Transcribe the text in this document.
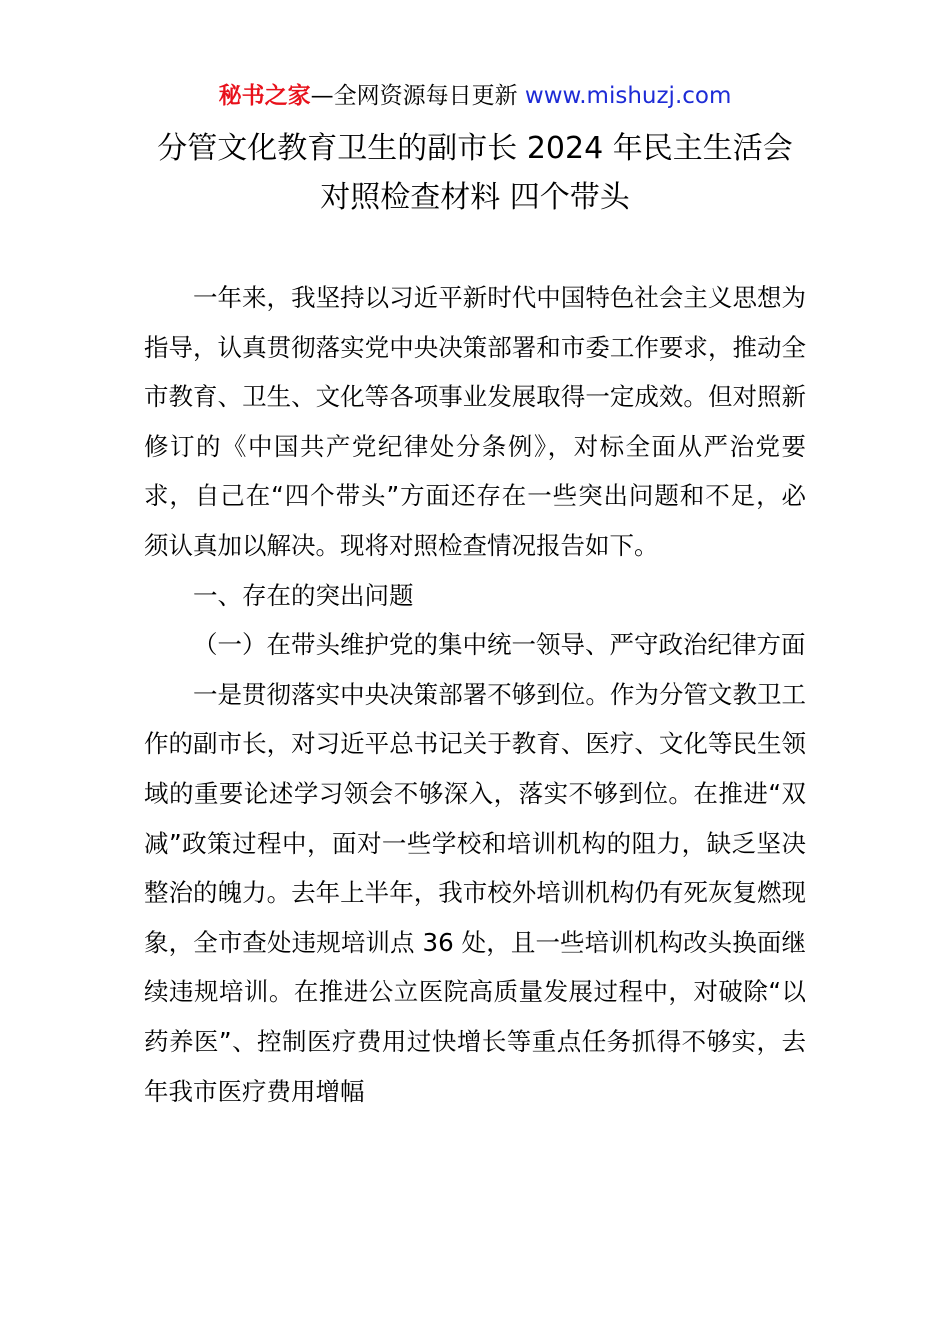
秘书之家—全网资源每日更新 www.mishuzj.com
分管文化教育卫生的副市长 2024 年民主生活会
对照检查材料 四个带头

一年来，我坚持以习近平新时代中国特色社会主义思想为指导，认真贯彻落实党中央决策部署和市委工作要求，推动全市教育、卫生、文化等各项事业发展取得一定成效。但对照新修订的《中国共产党纪律处分条例》，对标全面从严治党要求，自己在“四个带头”方面还存在一些突出问题和不足，必须认真加以解决。现将对照检查情况报告如下。

一、存在的突出问题

（一）在带头维护党的集中统一领导、严守政治纪律方面

一是贯彻落实中央决策部署不够到位。作为分管文教卫工作的副市长，对习近平总书记关于教育、医疗、文化等民生领域的重要论述学习领会不够深入，落实不够到位。在推进“双减”政策过程中，面对一些学校和培训机构的阻力，缺乏坚决整治的魄力。去年上半年，我市校外培训机构仍有死灰复燃现象，全市查处违规培训点 36 处，且一些培训机构改头换面继续违规培训。在推进公立医院高质量发展过程中，对破除“以药养医”、控制医疗费用过快增长等重点任务抓得不够实，去年我市医疗费用增幅
